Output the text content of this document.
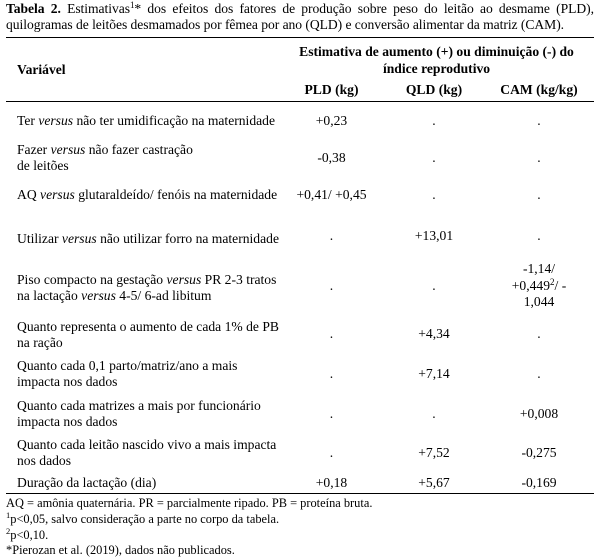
Tabela 2. Estimativas$^1$* dos efeitos dos fatores de produção sobre peso do leitão ao desmame (PLD), quilogramas de leitões desmamados por fêmea por ano (QLD) e conversão alimentar da matriz (CAM).

Variável	Estimativa de aumento (+) ou diminuição (-) do índice reprodutivo		
	PLD (kg)	QLD (kg)	CAM (kg/kg)
Ter versus não ter umidificação na maternidade	+0,23	.	.
Fazer versus não fazer castração de leitões	-0,38	.	.
AQ versus glutaraldeído/ fenóis na maternidade	+0,41/ +0,45	.	.
Utilizar versus não utilizar forro na maternidade	.	+13,01	.
Piso compacto na gestação versus PR 2-3 tratos na lactação versus 4-5/ 6-ad libitum	.	.	-1,14/
$+0,449^2/$ -
1,044
Quanto representa o aumento de cada 1% de PB na ração	.	+4,34	.
Quanto cada 0,1 parto/matriz/ano a mais impacta nos dados	.	+7,14	.
Quanto cada matrizes a mais por funcionário impacta nos dados	.	.	+0,008
Quanto cada leitão nascido vivo a mais impacta nos dados	.	+7,52	-0,275
Duração da lactação (dia)	+0,18	+5,67	-0,169

AQ = amônia quaternária. PR = parcialmente ripado. PB = proteína bruta.

$^1$p<0,05, salvo consideração a parte no corpo da tabela.

$^2$p<0,10.

*Pierozan et al. (2019), dados não publicados.
